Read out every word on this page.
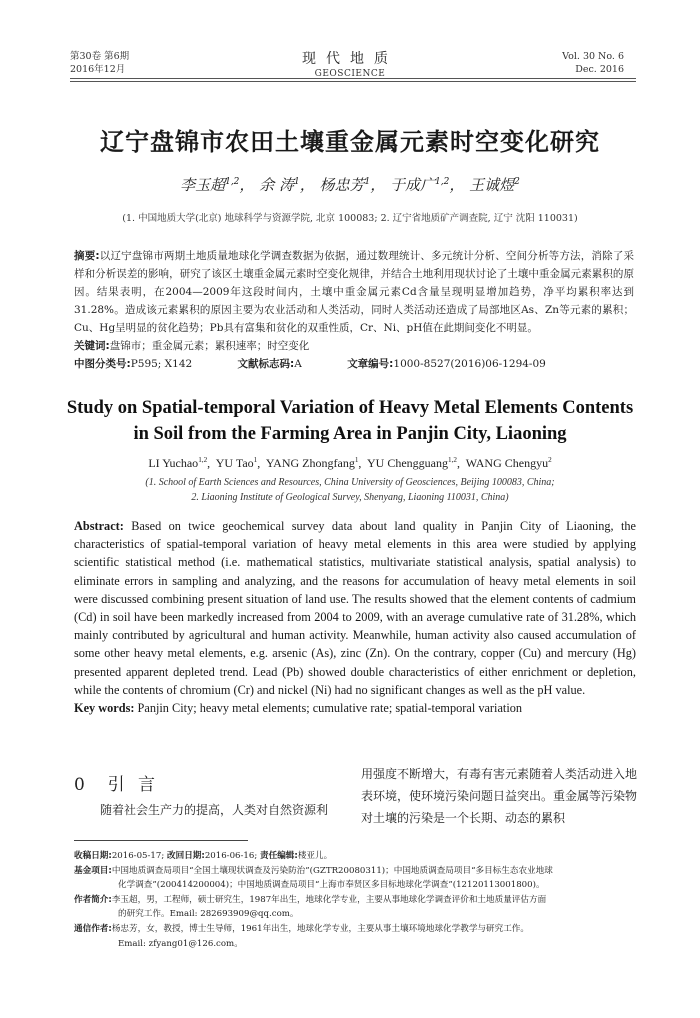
第30卷 第6期
2016年12月
现代地质
GEOSCIENCE
Vol. 30 No. 6
Dec. 2016
辽宁盘锦市农田土壤重金属元素时空变化研究
李玉超$^{1,2}$， 余 涛$^1$， 杨忠芳$^1$， 于成广$^{1,2}$， 王诚煜$^2$
(1. 中国地质大学(北京) 地球科学与资源学院, 北京 100083; 2. 辽宁省地质矿产调查院, 辽宁 沈阳 110031)
摘要:以辽宁盘锦市两期土地质量地球化学调查数据为依据，通过数理统计、多元统计分析、空间分析等方法，消除了采样和分析误差的影响，研究了该区土壤重金属元素时空变化规律，并结合土地利用现状讨论了土壤中重金属元素累积的原因。结果表明，在2004—2009年这段时间内，土壤中重金属元素Cd含量呈现明显增加趋势，净平均累积率达到31.28%。造成该元素累积的原因主要为农业活动和人类活动，同时人类活动还造成了局部地区As、Zn等元素的累积；Cu、Hg呈明显的贫化趋势；Pb具有富集和贫化的双重性质，Cr、Ni、pH值在此期间变化不明显。
关键词:盘锦市；重金属元素；累积速率；时空变化
中图分类号:P595; X142	文献标志码:A	文章编号:1000-8527(2016)06-1294-09
Study on Spatial-temporal Variation of Heavy Metal Elements Contents
in Soil from the Farming Area in Panjin City, Liaoning
LI Yuchao$^{1,2}$,  YU Tao$^1$,  YANG Zhongfang$^1$,  YU Chengguang$^{1,2}$,  WANG Chengyu$^2$
(1. School of Earth Sciences and Resources, China University of Geosciences, Beijing 100083, China;
2. Liaoning Institute of Geological Survey, Shenyang, Liaoning 110031, China)
Abstract: Based on twice geochemical survey data about land quality in Panjin City of Liaoning, the characteristics of spatial-temporal variation of heavy metal elements in this area were studied by applying scientific statistical method (i.e. mathematical statistics, multivariate statistical analysis, spatial analysis) to eliminate errors in sampling and analyzing, and the reasons for accumulation of heavy metal elements in soil were discussed combining present situation of land use. The results showed that the element contents of cadmium (Cd) in soil have been markedly increased from 2004 to 2009, with an average cumulative rate of 31.28%, which mainly contributed by agricultural and human activity. Meanwhile, human activity also caused accumulation of some other heavy metal elements, e.g. arsenic (As), zinc (Zn). On the contrary, copper (Cu) and mercury (Hg) presented apparent depleted trend. Lead (Pb) showed double characteristics of either enrichment or depletion, while the contents of chromium (Cr) and nickel (Ni) had no significant changes as well as the pH value.
Key words: Panjin City; heavy metal elements; cumulative rate; spatial-temporal variation
0 引 言
随着社会生产力的提高，人类对自然资源利
用强度不断增大，有毒有害元素随着人类活动进入地表环境，使环境污染问题日益突出。重金属等污染物对土壤的污染是一个长期、动态的累积
收稿日期:2016-05-17; 改回日期:2016-06-16; 责任编辑:楼亚儿。
基金项目:中国地质调查局项目“全国土壤现状调查及污染防治”(GZTR20080311)；中国地质调查局项目“多目标生态农业地球
化学调查”(200414200004)；中国地质调查局项目“上海市奉贤区多目标地球化学调查”(12120113001800)。
作者简介:李玉超，男，工程师，硕士研究生，1987年出生，地球化学专业，主要从事地球化学调查评价和土地质量评估方面
的研究工作。Email: 282693909@qq.com。
通信作者:杨忠芳，女，教授，博士生导师，1961年出生，地球化学专业，主要从事土壤环境地球化学教学与研究工作。
Email: zfyang01@126.com。
